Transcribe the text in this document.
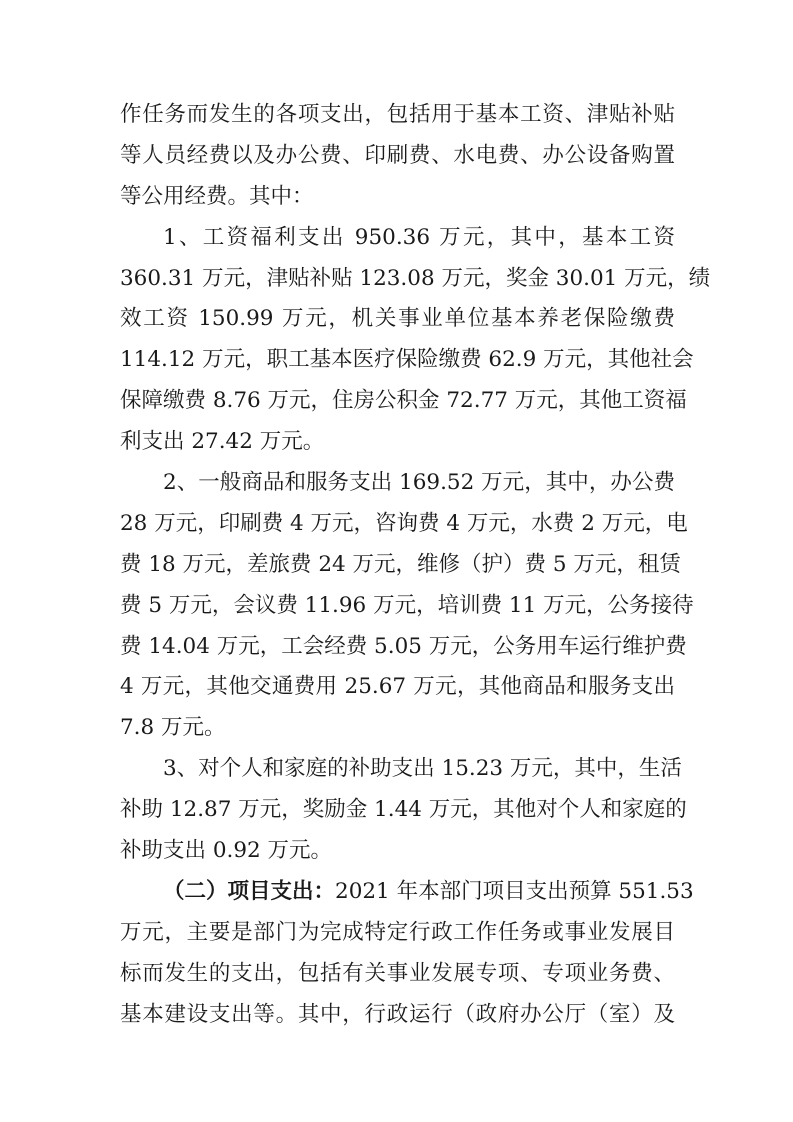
作任务而发生的各项支出，包括用于基本工资、津贴补贴
等人员经费以及办公费、印刷费、水电费、办公设备购置
等公用经费。其中：
1、工资福利支出 950.36 万元，其中，基本工资
360.31 万元，津贴补贴 123.08 万元，奖金 30.01 万元，绩
效工资 150.99 万元，机关事业单位基本养老保险缴费
114.12 万元，职工基本医疗保险缴费 62.9 万元，其他社会
保障缴费 8.76 万元，住房公积金 72.77 万元，其他工资福
利支出 27.42 万元。
2、一般商品和服务支出 169.52 万元，其中，办公费
28 万元，印刷费 4 万元，咨询费 4 万元，水费 2 万元，电
费 18 万元，差旅费 24 万元，维修（护）费 5 万元，租赁
费 5 万元，会议费 11.96 万元，培训费 11 万元，公务接待
费 14.04 万元，工会经费 5.05 万元，公务用车运行维护费
4 万元，其他交通费用 25.67 万元，其他商品和服务支出
7.8 万元。
3、对个人和家庭的补助支出 15.23 万元，其中，生活
补助 12.87 万元，奖励金 1.44 万元，其他对个人和家庭的
补助支出 0.92 万元。
（二）项目支出：2021 年本部门项目支出预算 551.53
万元，主要是部门为完成特定行政工作任务或事业发展目
标而发生的支出，包括有关事业发展专项、专项业务费、
基本建设支出等。其中，行政运行（政府办公厅（室）及
